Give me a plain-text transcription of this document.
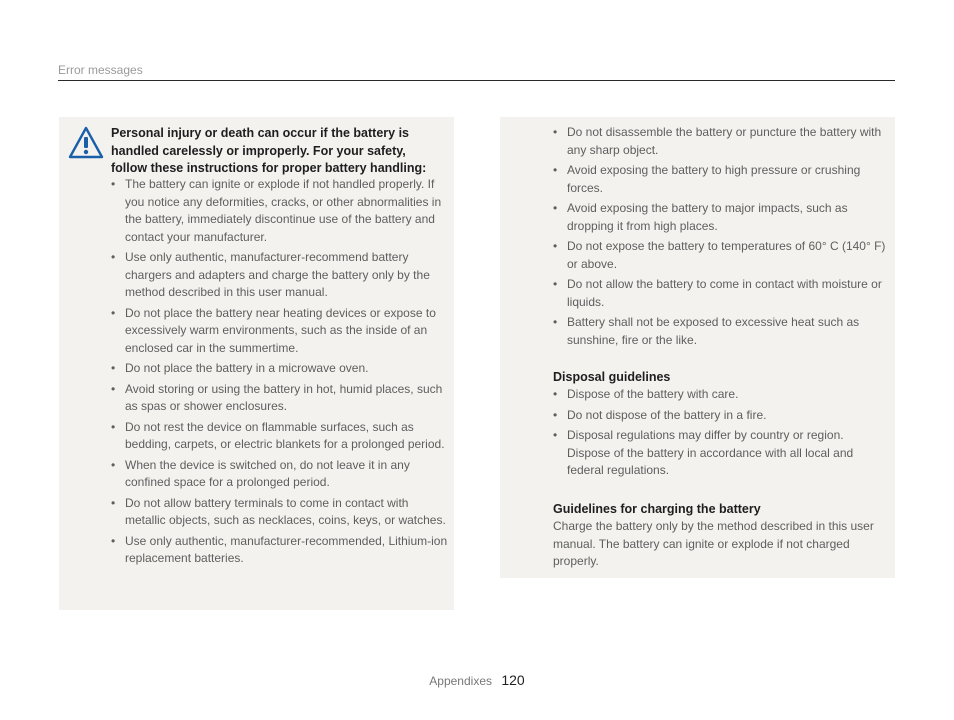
Error messages
Personal injury or death can occur if the battery is handled carelessly or improperly. For your safety, follow these instructions for proper battery handling:
• The battery can ignite or explode if not handled properly. If you notice any deformities, cracks, or other abnormalities in the battery, immediately discontinue use of the battery and contact your manufacturer.
• Use only authentic, manufacturer-recommend battery chargers and adapters and charge the battery only by the method described in this user manual.
• Do not place the battery near heating devices or expose to excessively warm environments, such as the inside of an enclosed car in the summertime.
• Do not place the battery in a microwave oven.
• Avoid storing or using the battery in hot, humid places, such as spas or shower enclosures.
• Do not rest the device on flammable surfaces, such as bedding, carpets, or electric blankets for a prolonged period.
• When the device is switched on, do not leave it in any confined space for a prolonged period.
• Do not allow battery terminals to come in contact with metallic objects, such as necklaces, coins, keys, or watches.
• Use only authentic, manufacturer-recommended, Lithium-ion replacement batteries.
• Do not disassemble the battery or puncture the battery with any sharp object.
• Avoid exposing the battery to high pressure or crushing forces.
• Avoid exposing the battery to major impacts, such as dropping it from high places.
• Do not expose the battery to temperatures of 60° C (140° F) or above.
• Do not allow the battery to come in contact with moisture or liquids.
• Battery shall not be exposed to excessive heat such as sunshine, fire or the like.
Disposal guidelines
• Dispose of the battery with care.
• Do not dispose of the battery in a fire.
• Disposal regulations may differ by country or region. Dispose of the battery in accordance with all local and federal regulations.
Guidelines for charging the battery
Charge the battery only by the method described in this user manual. The battery can ignite or explode if not charged properly.
Appendixes 120
